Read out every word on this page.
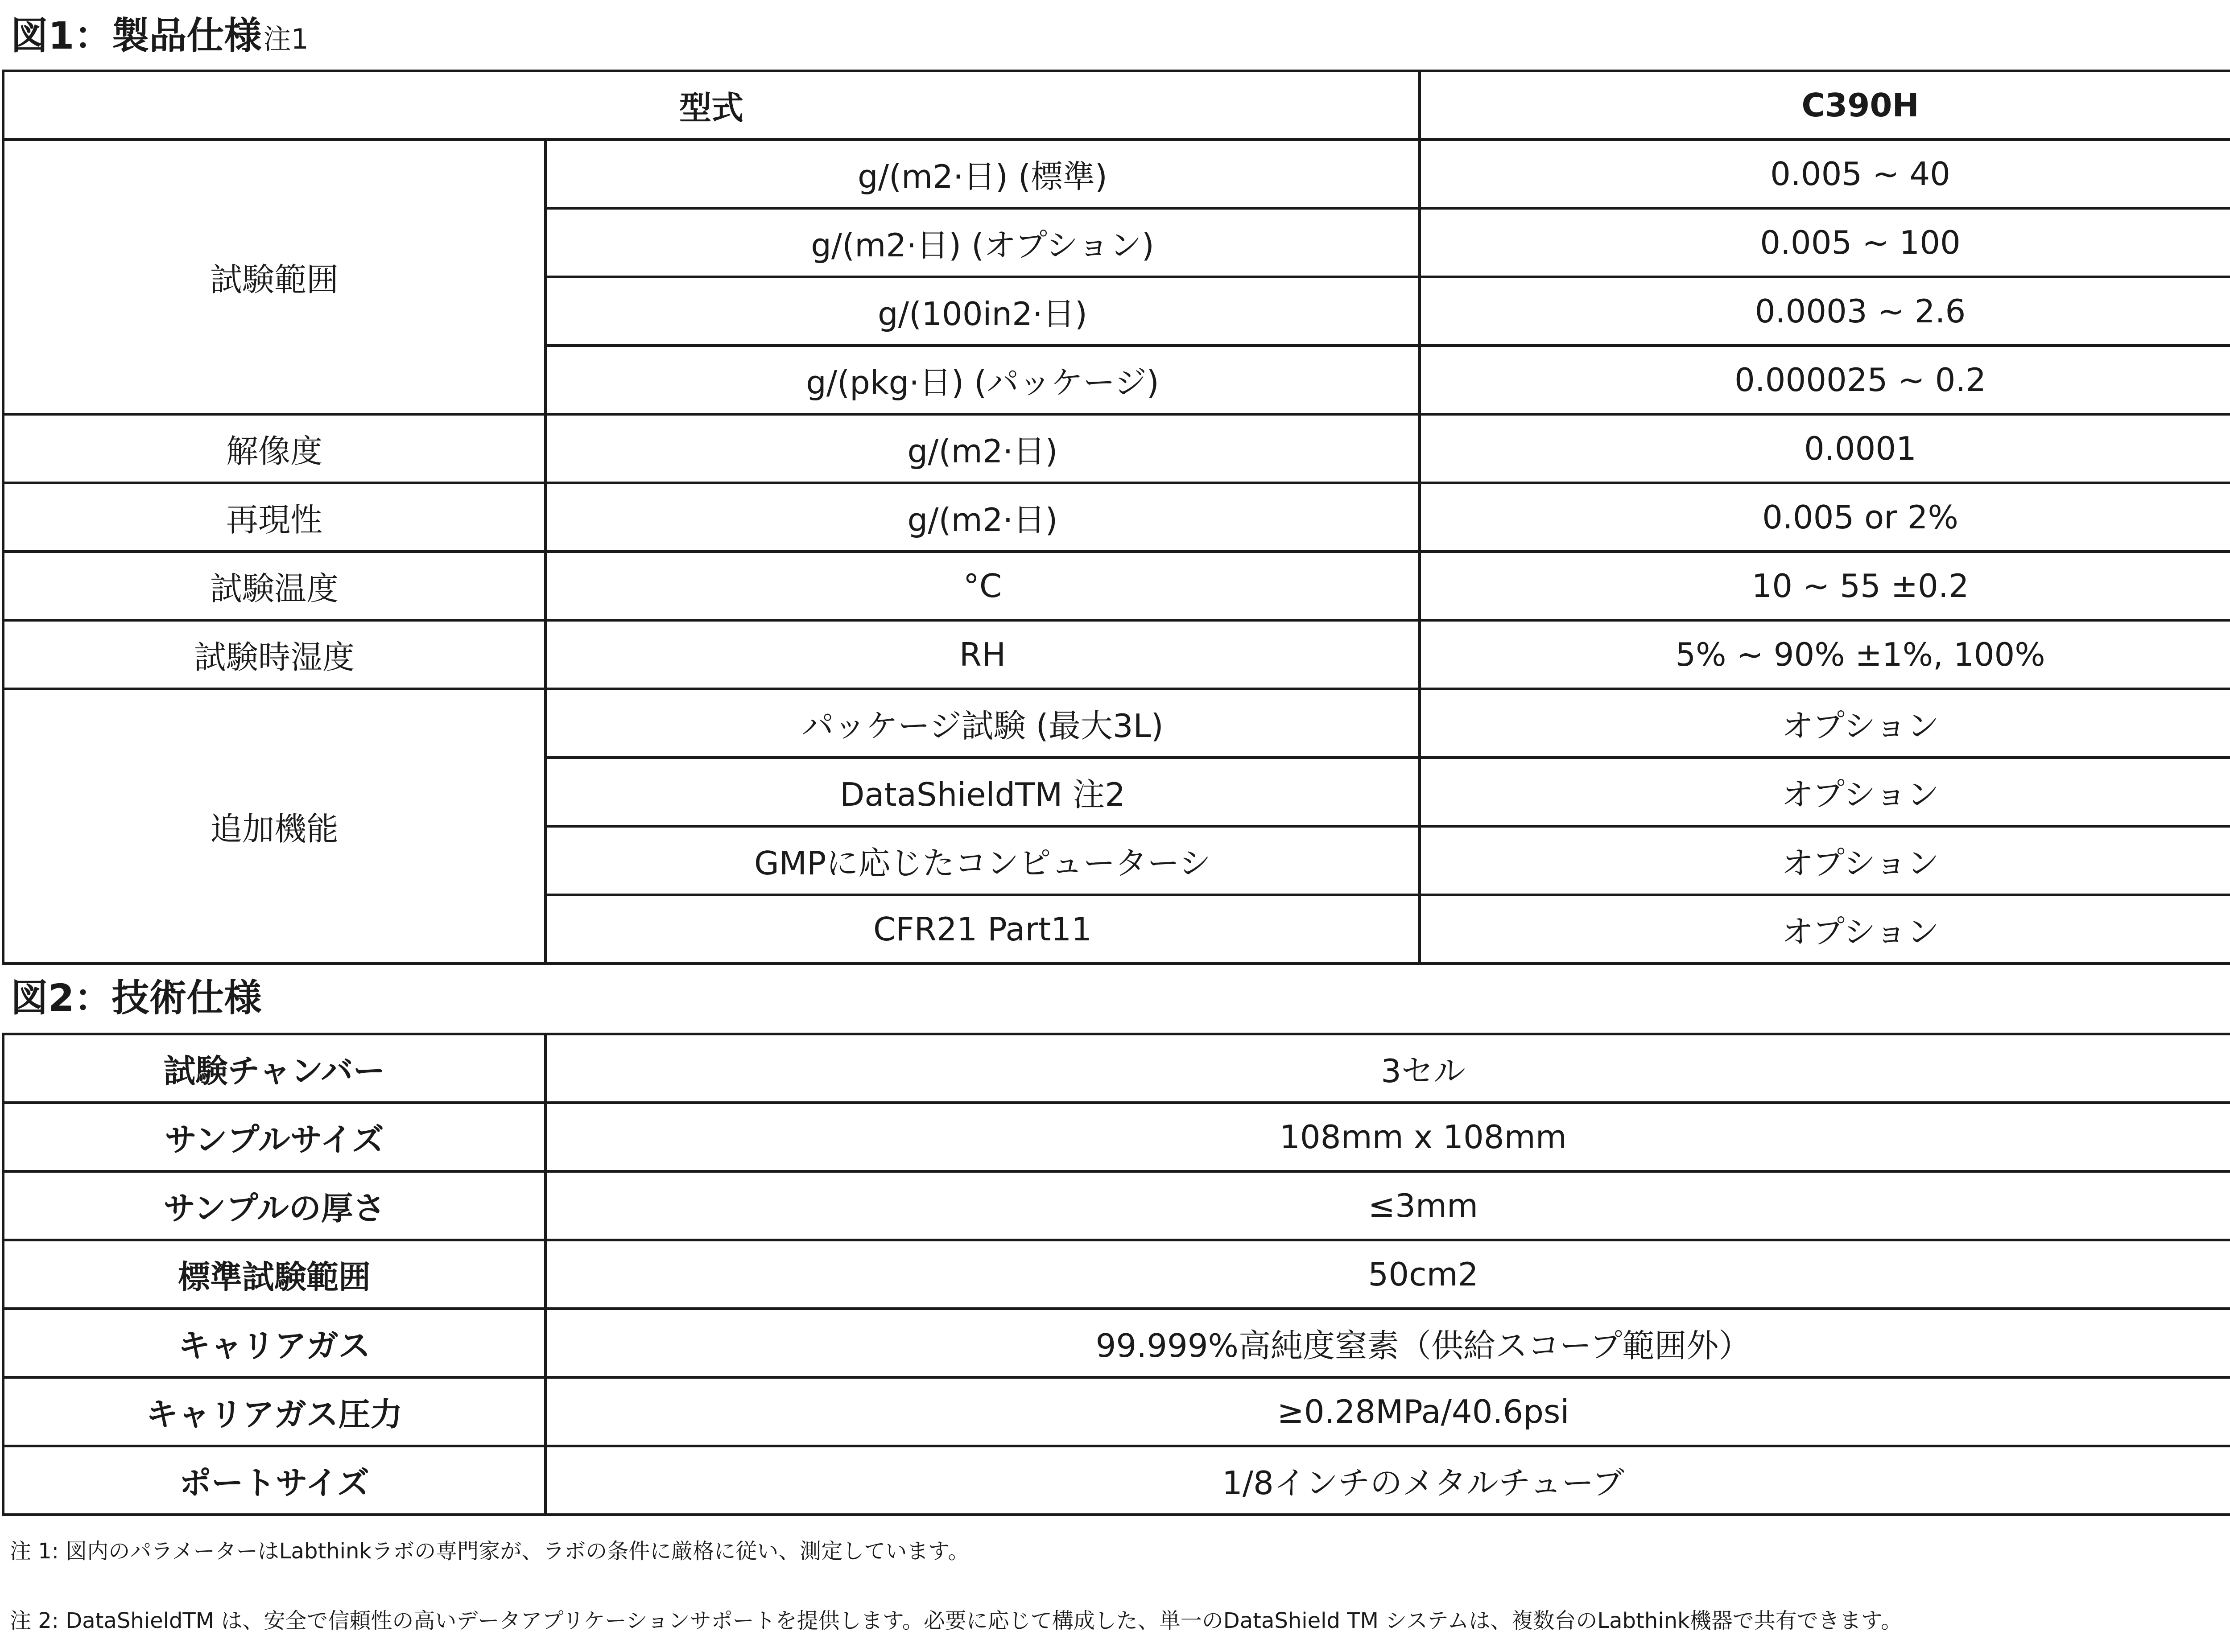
図1：製品仕様注1
型式		C390H
試験範囲	g/(m2·日) (標準)	0.005 ~ 40
	g/(m2·日) (オプション)	0.005 ~ 100
	g/(100in2·日)	0.0003 ~ 2.6
	g/(pkg·日) (パッケージ)	0.000025 ~ 0.2
解像度	g/(m2·日)	0.0001
再現性	g/(m2·日)	0.005 or 2%
試験温度	°C	10 ~ 55 ±0.2
試験時湿度	RH	5% ~ 90% ±1%, 100%
追加機能	パッケージ試験 (最大3L)	オプション
	DataShieldTM 注2	オプション
	GMPに応じたコンピューターシ	オプション
	CFR21 Part11	オプション
図2：技術仕様
試験チャンバー	3セル
サンプルサイズ	108mm x 108mm
サンプルの厚さ	≤3mm
標準試験範囲	50cm2
キャリアガス	99.999%高純度窒素（供給スコープ範囲外）
キャリアガス圧力	≥0.28MPa/40.6psi
ポートサイズ	1/8インチのメタルチューブ
注 1: 図内のパラメーターはLabthinkラボの専門家が、ラボの条件に厳格に従い、測定しています。
注 2: DataShieldTM は、安全で信頼性の高いデータアプリケーションサポートを提供します。必要に応じて構成した、単一のDataShield TM システムは、複数台のLabthink機器で共有できます。
